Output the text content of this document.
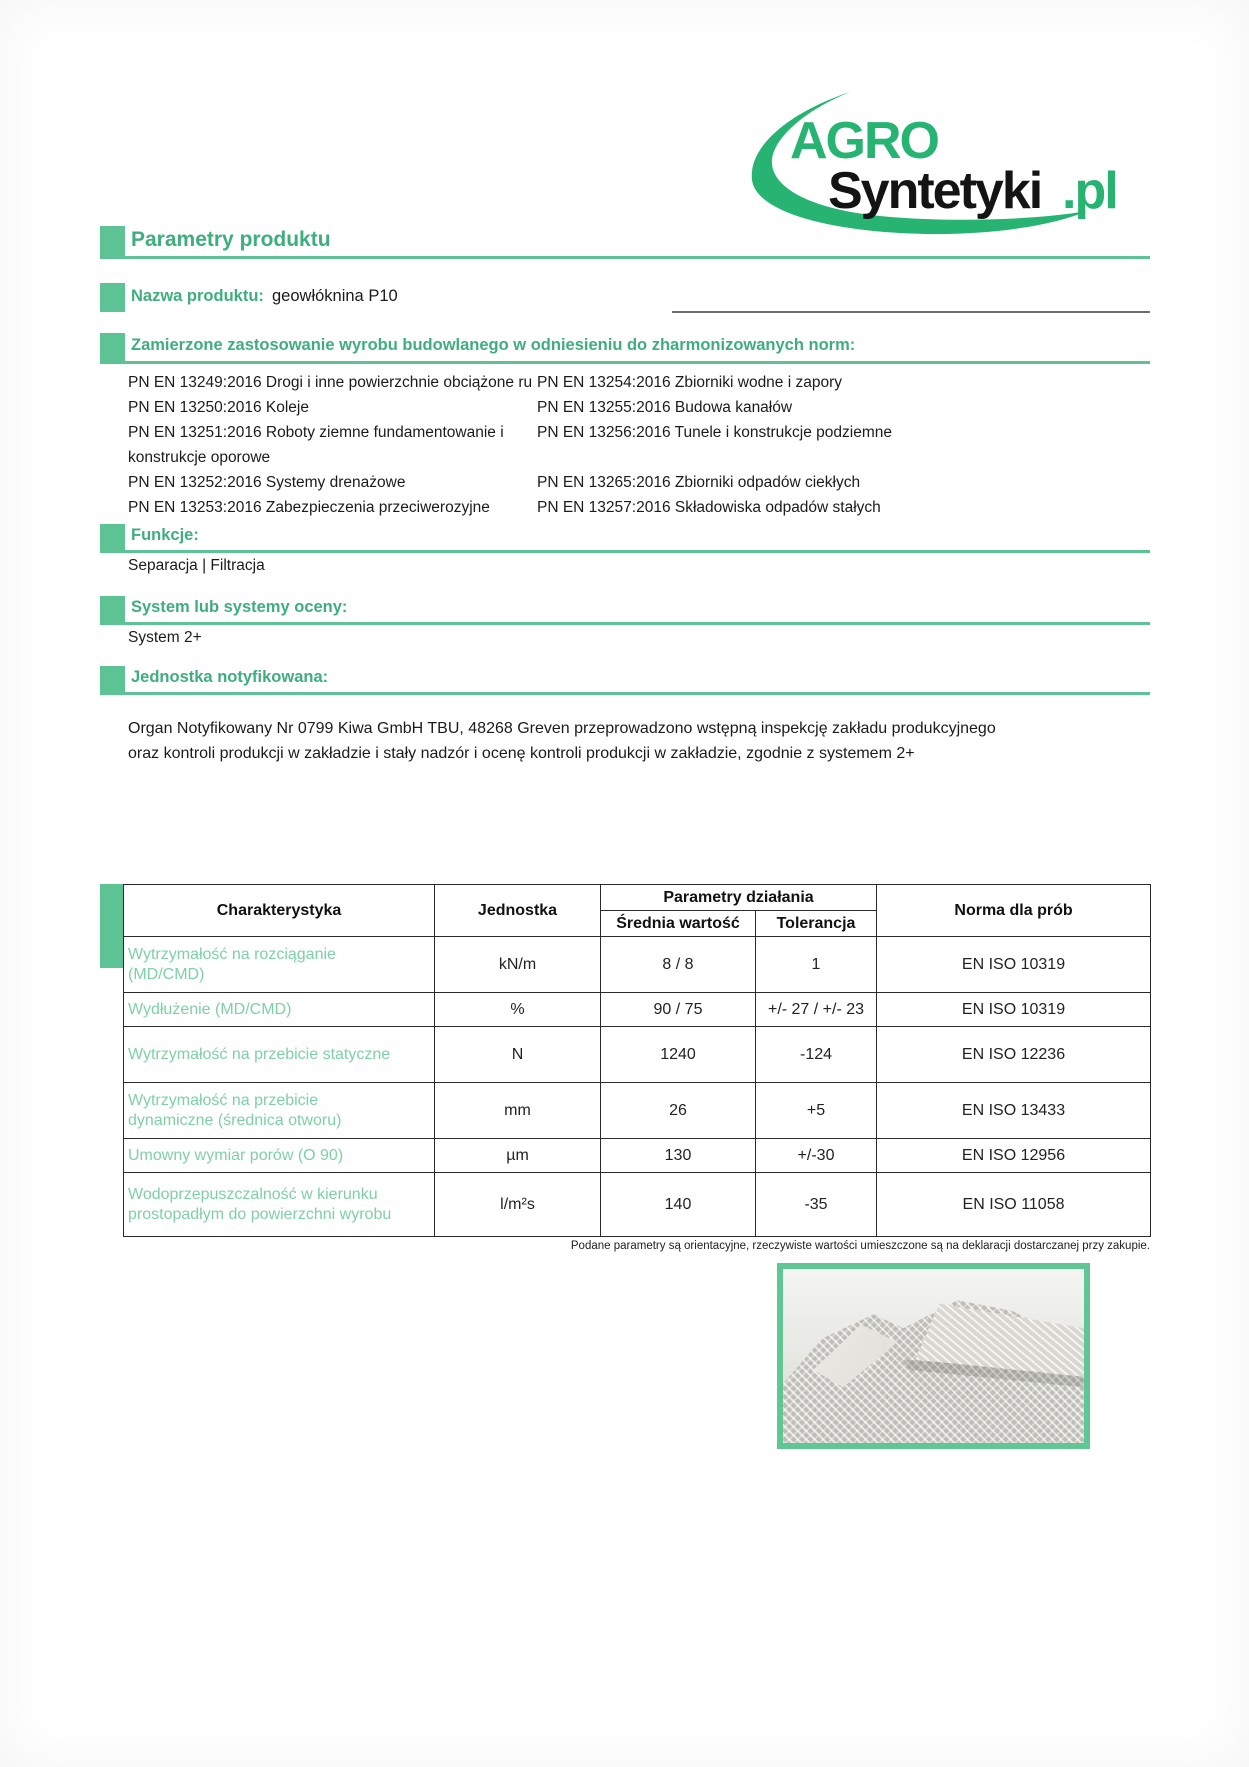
AGRO
Syntetyki .pl
Parametry produktu
Nazwa produktu: geowłóknina P10
Zamierzone zastosowanie wyrobu budowlanego w odniesieniu do zharmonizowanych norm:
PN EN 13249:2016 Drogi i inne powierzchnie obciążone ru
PN EN 13250:2016 Koleje
PN EN 13251:2016 Roboty ziemne fundamentowanie i konstrukcje oporowe
PN EN 13252:2016 Systemy drenażowe
PN EN 13253:2016 Zabezpieczenia przeciwerozyjne
PN EN 13254:2016 Zbiorniki wodne i zapory
PN EN 13255:2016 Budowa kanałów
PN EN 13256:2016 Tunele i konstrukcje podziemne
PN EN 13265:2016 Zbiorniki odpadów ciekłych
PN EN 13257:2016 Składowiska odpadów stałych
Funkcje:
Separacja | Filtracja
System lub systemy oceny:
System 2+
Jednostka notyfikowana:
Organ Notyfikowany Nr 0799 Kiwa GmbH TBU, 48268 Greven przeprowadzono wstępną inspekcję zakładu produkcyjnego
oraz kontroli produkcji w zakładzie i stały nadzór i ocenę kontroli produkcji w zakładzie, zgodnie z systemem 2+
Charakterystyka	Jednostka	Parametry działania		Norma dla prób
		Średnia wartość	Tolerancja	

Wytrzymałość na rozciąganie (MD/CMD)	kN/m	8 / 8	1	EN ISO 10319

Wydłużenie (MD/CMD)	%	90 / 75	+/- 27 / +/- 23	EN ISO 10319

Wytrzymałość na przebicie statyczne	N	1240	-124	EN ISO 12236

Wytrzymałość na przebicie dynamiczne (średnica otworu)	mm	26	+5	EN ISO 13433

Umowny wymiar porów (O 90)	µm	130	+/-30	EN ISO 12956

Wodoprzepuszczalność w kierunku prostopadłym do powierzchni wyrobu	l/m²s	140	-35	EN ISO 11058
Podane parametry są orientacyjne, rzeczywiste wartości umieszczone są na deklaracji dostarczanej przy zakupie.
